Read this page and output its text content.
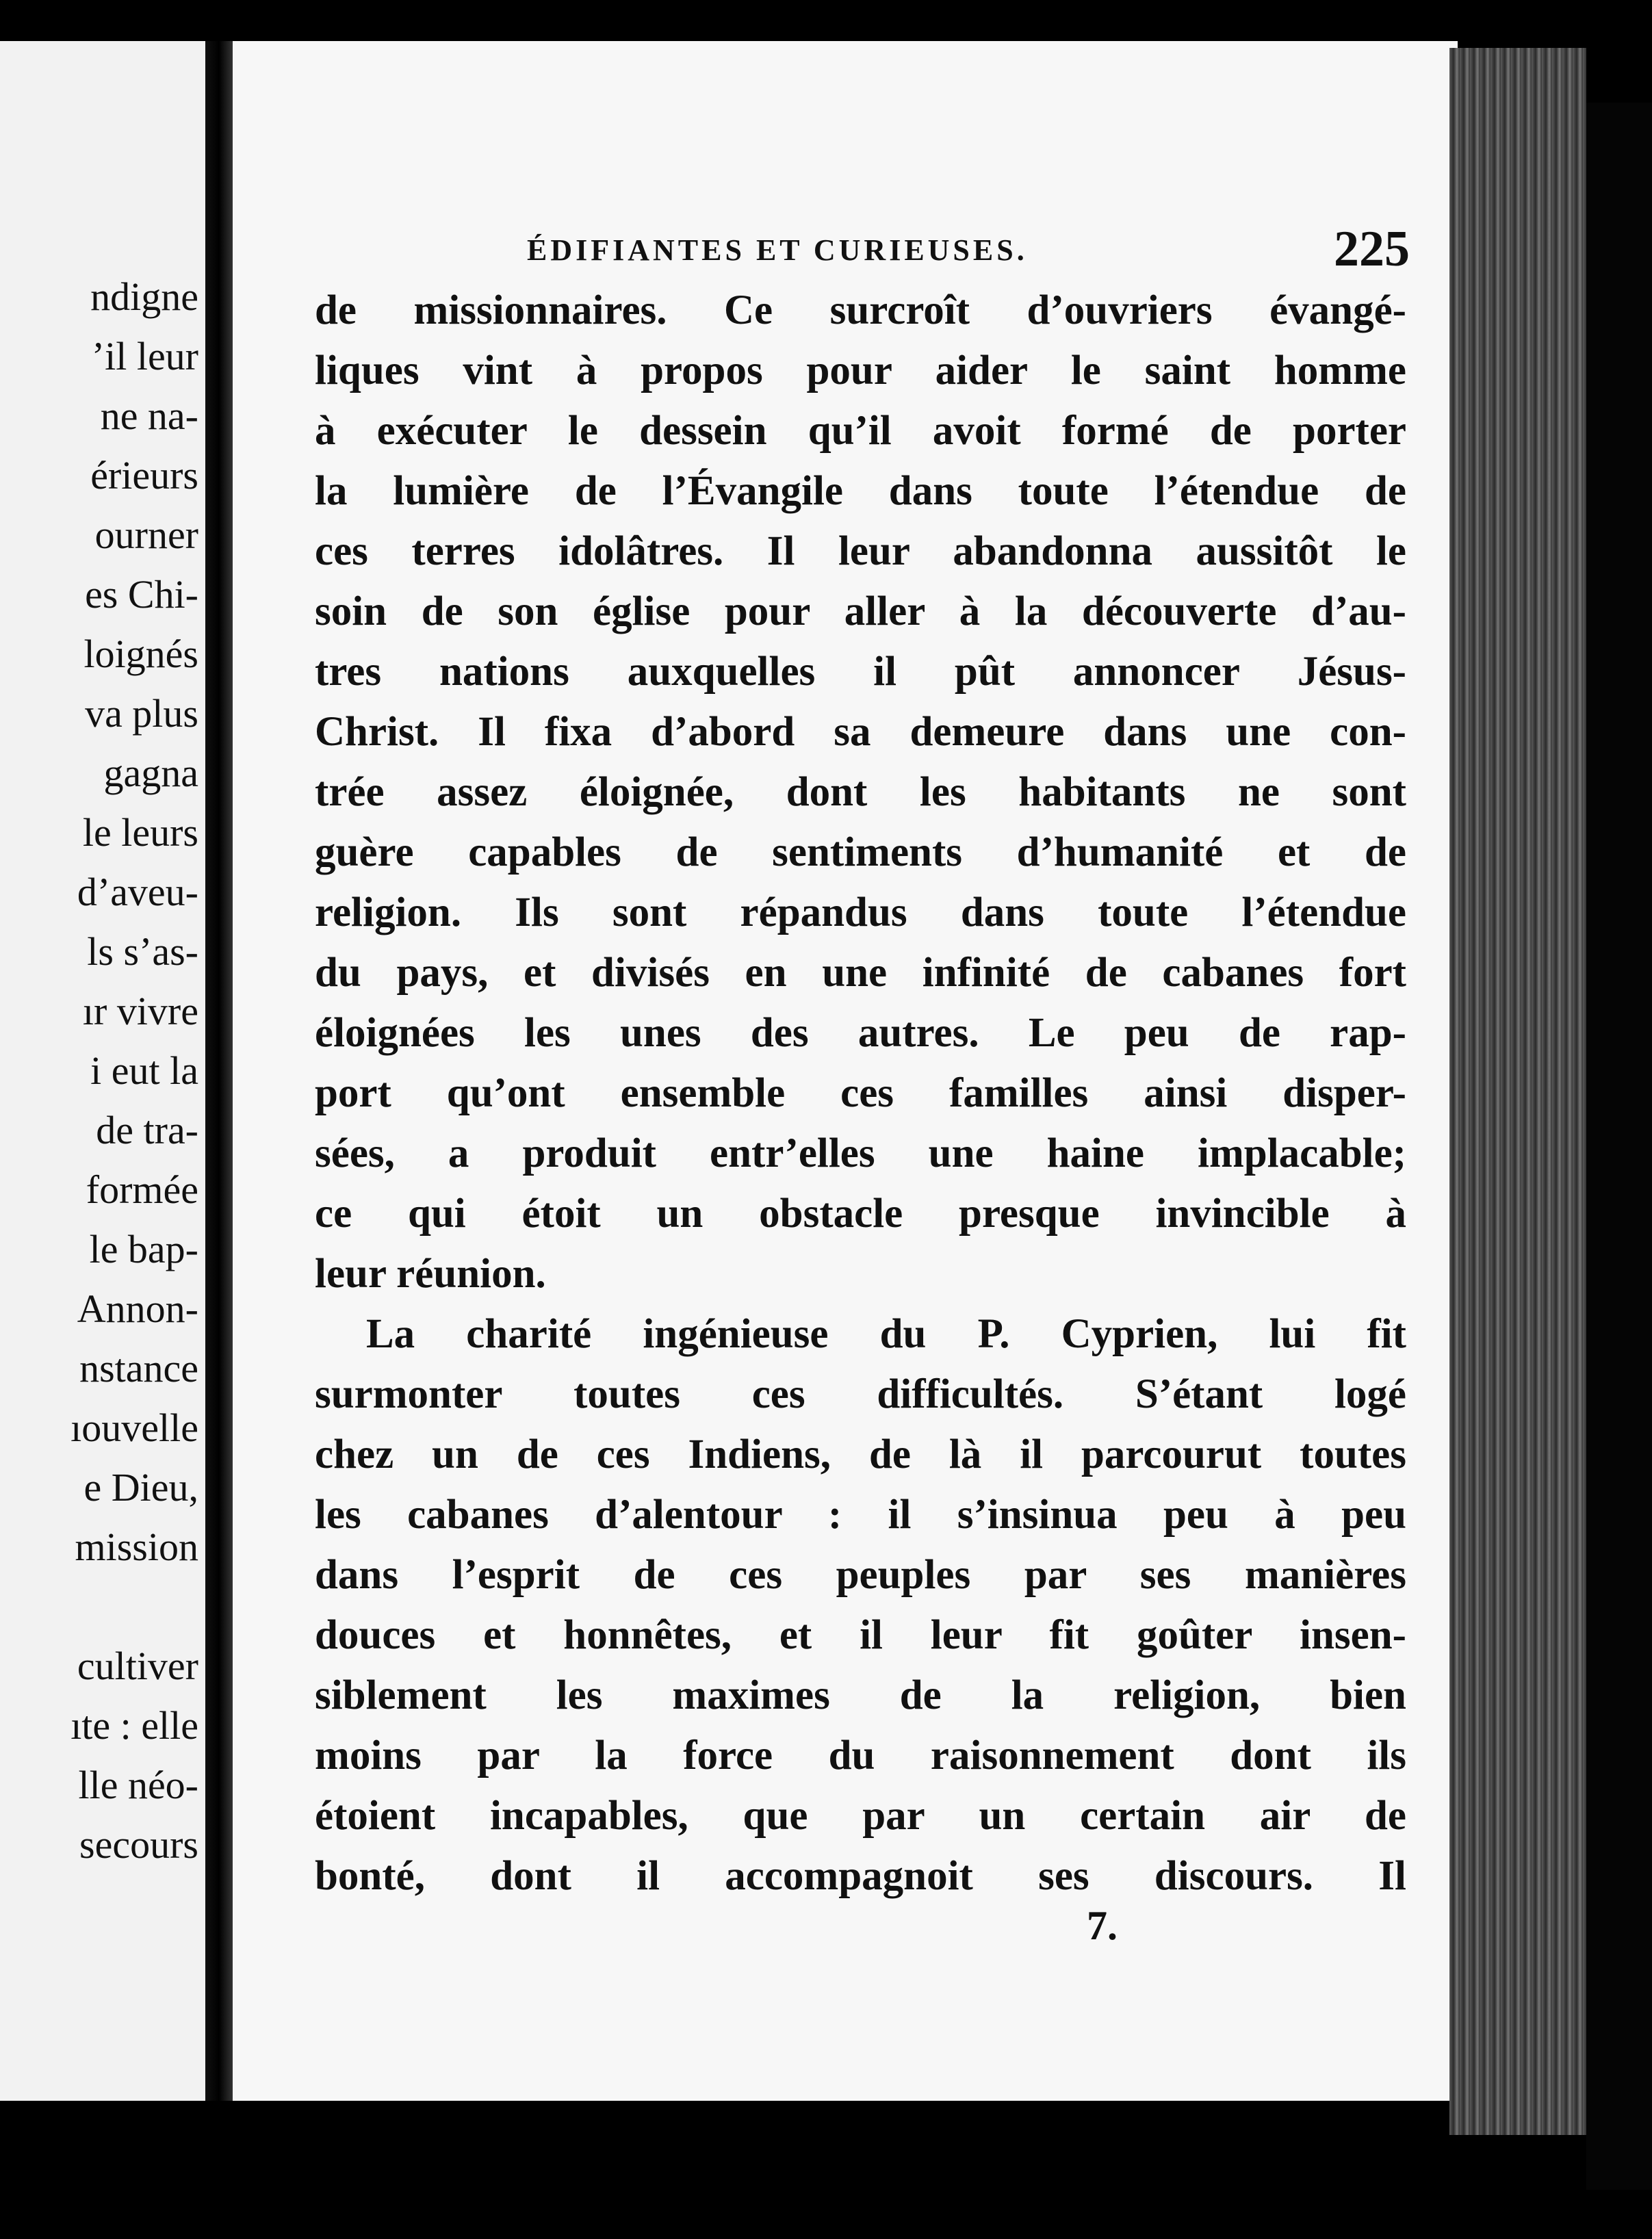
ndigne
’il leur
ne na-
érieurs
ourner
es Chi-
loignés
va plus
gagna
le leurs
d’aveu-
ls s’as-
ır vivre
i eut la
de tra-
formée
le bap-
Annon-
nstance
ıouvelle
e Dieu,
mission
cultiver
ıte : elle
lle néo-
secours
ÉDIFIANTES ET CURIEUSES.	225
de missionnaires. Ce surcroît d’ouvriers évangé-
liques vint à propos pour aider le saint homme
à exécuter le dessein qu’il avoit formé de porter
la lumière de l’Évangile dans toute l’étendue de
ces terres idolâtres. Il leur abandonna aussitôt le
soin de son église pour aller à la découverte d’au-
tres nations auxquelles il pût annoncer Jésus-
Christ. Il fixa d’abord sa demeure dans une con-
trée assez éloignée, dont les habitants ne sont
guère capables de sentiments d’humanité et de
religion. Ils sont répandus dans toute l’étendue
du pays, et divisés en une infinité de cabanes fort
éloignées les unes des autres. Le peu de rap-
port qu’ont ensemble ces familles ainsi disper-
sées, a produit entr’elles une haine implacable;
ce qui étoit un obstacle presque invincible à
leur réunion.
La charité ingénieuse du P. Cyprien, lui fit
surmonter toutes ces difficultés. S’étant logé
chez un de ces Indiens, de là il parcourut toutes
les cabanes d’alentour : il s’insinua peu à peu
dans l’esprit de ces peuples par ses manières
douces et honnêtes, et il leur fit goûter insen-
siblement les maximes de la religion, bien
moins par la force du raisonnement dont ils
étoient incapables, que par un certain air de
bonté, dont il accompagnoit ses discours. Il
7.
